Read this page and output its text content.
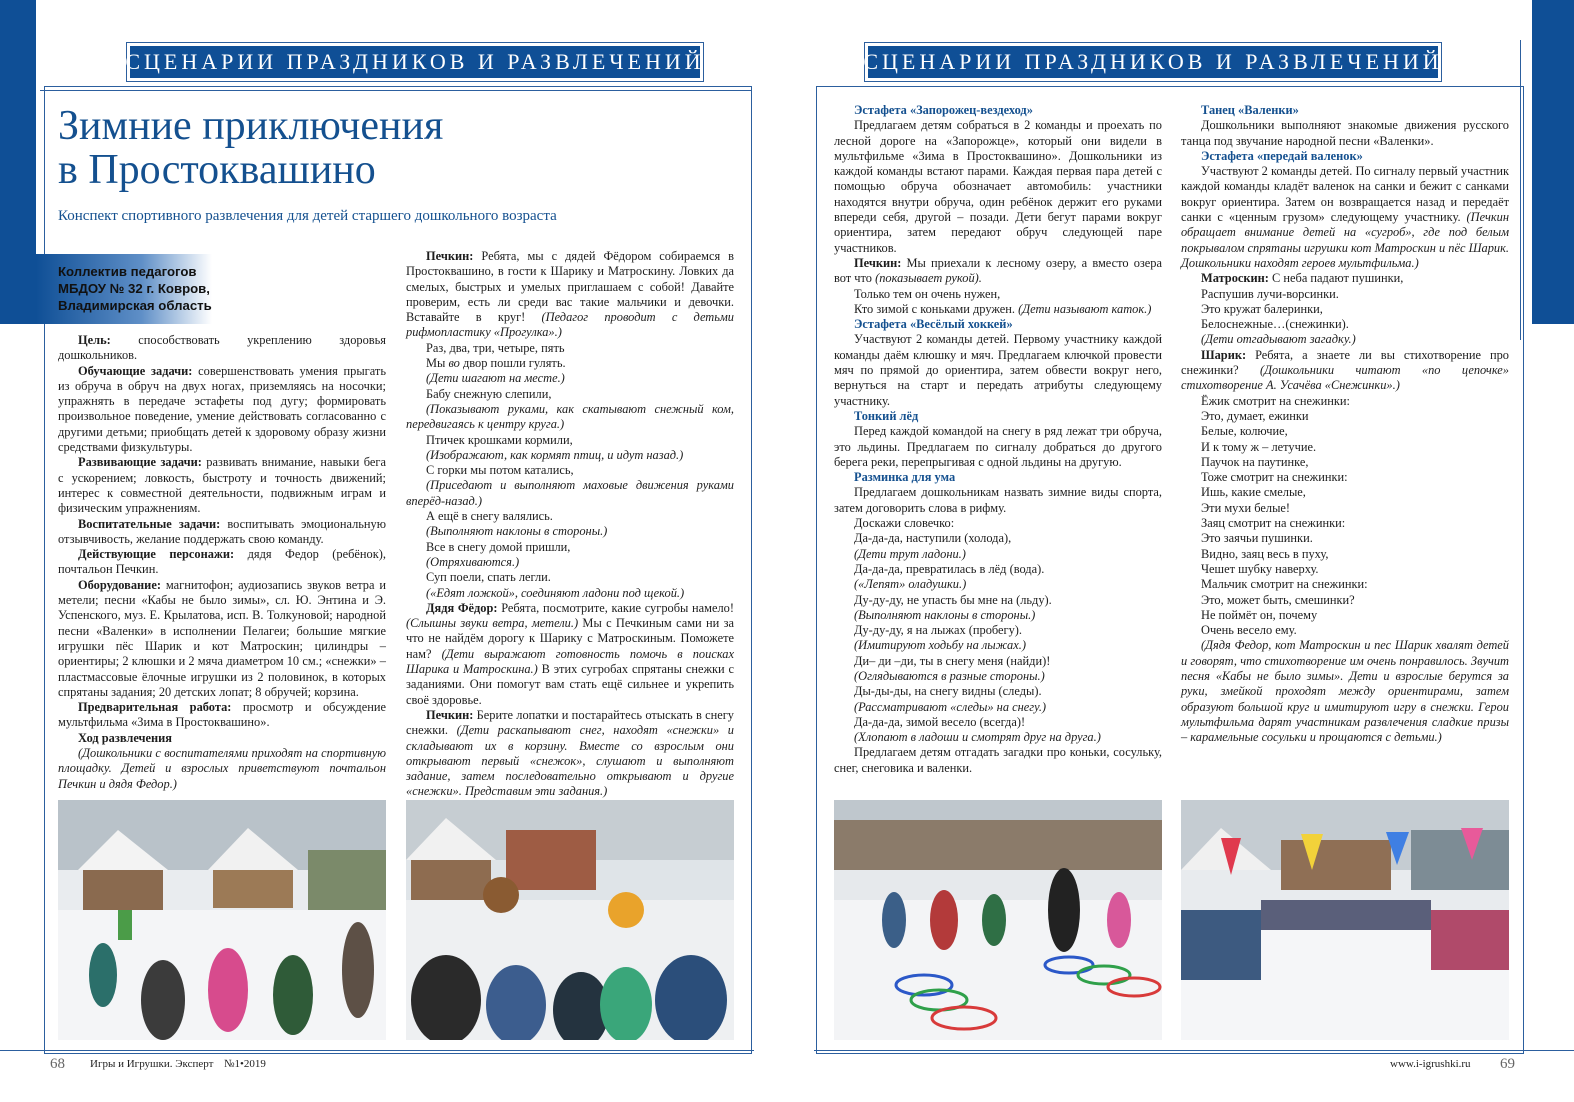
СЦЕНАРИИ ПРАЗДНИКОВ И РАЗВЛЕЧЕНИЙ	СЦЕНАРИИ ПРАЗДНИКОВ И РАЗВЛЕЧЕНИЙ
Зимние приключения
в Простоквашино
Конспект спортивного развлечения для детей старшего дошкольного возраста
Коллектив педагогов
МБДОУ № 32 г. Ковров,
Владимирская область

Цель: способствовать укреплению здоровья дошкольников.

Обучающие задачи: совершенствовать умения прыгать из обруча в обруч на двух ногах, приземляясь на носочки; упражнять в передаче эстафеты под дугу; формировать произвольное поведение, умение действовать согласованно с другими детьми; приобщать детей к здоровому образу жизни средствами физкультуры.

Развивающие задачи: развивать внимание, навыки бега с ускорением; ловкость, быстроту и точность движений; интерес к совместной деятельности, подвижным играм и физическим упражнениям.

Воспитательные задачи: воспитывать эмоциональную отзывчивость, желание поддержать свою команду.

Действующие персонажи: дядя Федор (ребёнок), почтальон Печкин.

Оборудование: магнитофон; аудиозапись звуков ветра и метели; песни «Кабы не было зимы», сл. Ю. Энтина и Э. Успенского, муз. Е. Крылатова, исп. В. Толкуновой; народной песни «Валенки» в исполнении Пелагеи; большие мягкие игрушки пёс Шарик и кот Матроскин; цилиндры – ориентиры; 2 клюшки и 2 мяча диаметром 10 см.; «снежки» – пластмассовые ёлочные игрушки из 2 половинок, в которых спрятаны задания; 20 детских лопат; 8 обручей; корзина.

Предварительная работа: просмотр и обсуждение мультфильма «Зима в Простоквашино».

Ход развлечения

(Дошкольники с воспитателями приходят на спортивную площадку. Детей и взрослых приветствуют почтальон Печкин и дядя Федор.)

Печкин: Ребята, мы с дядей Фёдором собираемся в Простоквашино, в гости к Шарику и Матроскину. Ловких да смелых, быстрых и умелых приглашаем с собой! Давайте проверим, есть ли среди вас такие мальчики и девочки. Вставайте в круг! (Педагог проводит с детьми рифмопластику «Прогулка».)

Раз, два, три, четыре, пять

Мы во двор пошли гулять.

(Дети шагают на месте.)

Бабу снежную слепили,

(Показывают руками, как скатывают снежный ком, передвигаясь к центру круга.)

Птичек крошками кормили,

(Изображают, как кормят птиц, и идут назад.)

С горки мы потом катались,

(Приседают и выполняют маховые движения руками вперёд-назад.)

А ещё в снегу валялись.

(Выполняют наклоны в стороны.)

Все в снегу домой пришли,

(Отряхиваются.)

Суп поели, спать легли.

(«Едят ложкой», соединяют ладони под щекой.)

Дядя Фёдор: Ребята, посмотрите, какие сугробы намело! (Слышны звуки ветра, метели.) Мы с Печкиным сами ни за что не найдём дорогу к Шарику с Матроскиным. Поможете нам? (Дети выражают готовность помочь в поисках Шарика и Матроскина.) В этих сугробах спрятаны снежки с заданиями. Они помогут вам стать ещё сильнее и укрепить своё здоровье.

Печкин: Берите лопатки и постарайтесь отыскать в снегу снежки. (Дети раскапывают снег, находят «снежки» и складывают их в корзину. Вместе со взрослым они открывают первый «снежок», слушают и выполняют задание, затем последовательно открывают и другие «снежки». Представим эти задания.)

Эстафета «Запорожец-вездеход»

Предлагаем детям собраться в 2 команды и проехать по лесной дороге на «Запорожце», который они видели в мультфильме «Зима в Простоквашино». Дошкольники из каждой команды встают парами. Каждая первая пара детей с помощью обруча обозначает автомобиль: участники находятся внутри обруча, один ребёнок держит его руками впереди себя, другой – позади. Дети бегут парами вокруг ориентира, затем передают обруч следующей паре участников.

Печкин: Мы приехали к лесному озеру, а вместо озера вот что (показывает рукой).

Только тем он очень нужен,

Кто зимой с коньками дружен. (Дети называют каток.)

Эстафета «Весёлый хоккей»

Участвуют 2 команды детей. Первому участнику каждой команды даём клюшку и мяч. Предлагаем ключкой провести мяч по прямой до ориентира, затем обвести вокруг него, вернуться на старт и передать атрибуты следующему участнику.

Тонкий лёд

Перед каждой командой на снегу в ряд лежат три обруча, это льдины. Предлагаем по сигналу добраться до другого берега реки, перепрыгивая с одной льдины на другую.

Разминка для ума

Предлагаем дошкольникам назвать зимние виды спорта, затем договорить слова в рифму.

Доскажи словечко:

Да-да-да, наступили (холода),

(Дети трут ладони.)

Да-да-да, превратилась в лёд (вода).

(«Лепят» оладушки.)

Ду-ду-ду, не упасть бы мне на (льду).

(Выполняют наклоны в стороны.)

Ду-ду-ду, я на лыжах (пробегу).

(Имитируют ходьбу на лыжах.)

Ди– ди –ди, ты в снегу меня (найди)!

(Оглядываются в разные стороны.)

Ды-ды-ды, на снегу видны (следы).

(Рассматривают «следы» на снегу.)

Да-да-да, зимой весело (всегда)!

(Хлопают в ладоши и смотрят друг на друга.)

Предлагаем детям отгадать загадки про коньки, сосульку, снег, снеговика и валенки.

Танец «Валенки»

Дошкольники выполняют знакомые движения русского танца под звучание народной песни «Валенки».

Эстафета «передай валенок»

Участвуют 2 команды детей. По сигналу первый участник каждой команды кладёт валенок на санки и бежит с санками вокруг ориентира. Затем он возвращается назад и передаёт санки с «ценным грузом» следующему участнику. (Печкин обращает внимание детей на «сугроб», где под белым покрывалом спрятаны игрушки кот Матроскин и пёс Шарик. Дошкольники находят героев мультфильма.)

Матроскин: С неба падают пушинки,

Распушив лучи-ворсинки.

Это кружат балеринки,

Белоснежные…(снежинки).

(Дети отгадывают загадку.)

Шарик: Ребята, а знаете ли вы стихотворение про снежинки? (Дошкольники читают «по цепочке» стихотворение А. Усачёва «Снежинки».)

Ёжик смотрит на снежинки:

Это, думает, ежинки

Белые, колючие,

И к тому ж – летучие.

Паучок на паутинке,

Тоже смотрит на снежинки:

Ишь, какие смелые,

Эти мухи белые!

Заяц смотрит на снежинки:

Это заячьи пушинки.

Видно, заяц весь в пуху,

Чешет шубку наверху.

Мальчик смотрит на снежинки:

Это, может быть, смешинки?

Не поймёт он, почему

Очень весело ему.

(Дядя Федор, кот Матроскин и пес Шарик хвалят детей и говорят, что стихотворение им очень понравилось. Звучит песня «Кабы не было зимы». Дети и взрослые берутся за руки, змейкой проходят между ориентирами, затем образуют большой круг и имитируют игру в снежки. Герои мультфильма дарят участникам развлечения сладкие призы – карамельные сосульки и прощаются с детьми.)

68 Игры и Игрушки. Эксперт №1•2019	www.i-igrushki.ru 69
